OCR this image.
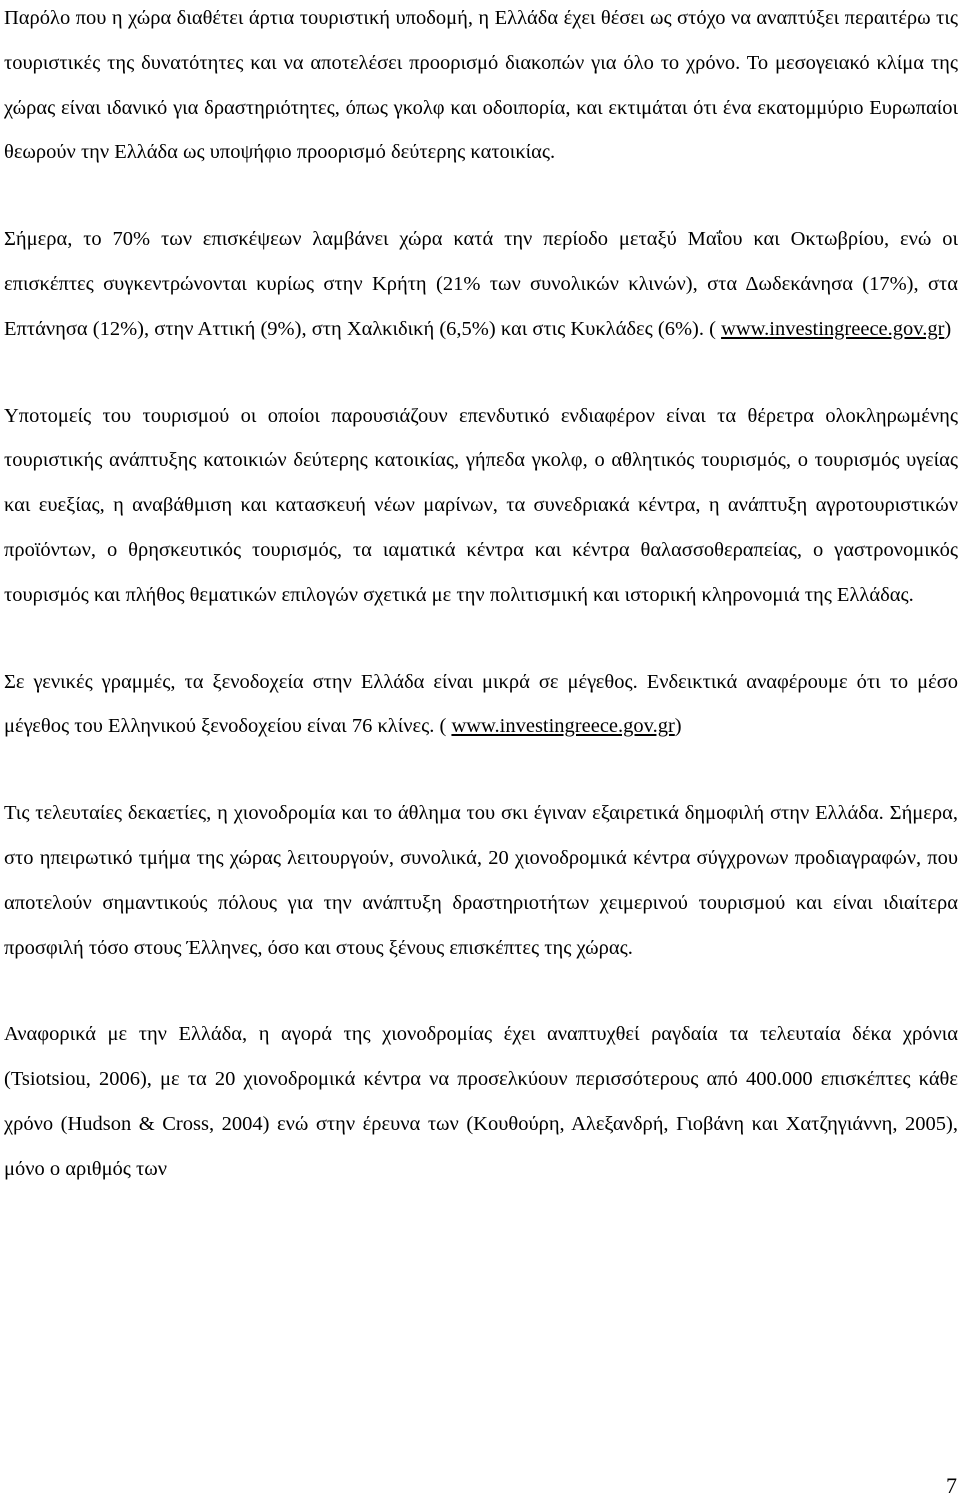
Παρόλο που η χώρα διαθέτει άρτια τουριστική υποδομή, η Ελλάδα έχει θέσει ως στόχο να αναπτύξει περαιτέρω τις τουριστικές της δυνατότητες και να αποτελέσει προορισμό διακοπών για όλο το χρόνο. Το μεσογειακό κλίμα της χώρας είναι ιδανικό για δραστηριότητες, όπως γκολφ και οδοιπορία, και εκτιμάται ότι ένα εκατομμύριο Ευρωπαίοι θεωρούν την Ελλάδα ως υποψήφιο προορισμό δεύτερης κατοικίας.

Σήμερα, το 70% των επισκέψεων λαμβάνει χώρα κατά την περίοδο μεταξύ Μαΐου και Οκτωβρίου, ενώ οι επισκέπτες συγκεντρώνονται κυρίως στην Κρήτη (21% των συνολικών κλινών), στα Δωδεκάνησα (17%), στα Επτάνησα (12%), στην Αττική (9%), στη Χαλκιδική (6,5%) και στις Κυκλάδες (6%). ( www.investingreece.gov.gr)

Υποτομείς του τουρισμού οι οποίοι παρουσιάζουν επενδυτικό ενδιαφέρον είναι τα θέρετρα ολοκληρωμένης τουριστικής ανάπτυξης κατοικιών δεύτερης κατοικίας, γήπεδα γκολφ, ο αθλητικός τουρισμός, ο τουρισμός υγείας και ευεξίας, η αναβάθμιση και κατασκευή νέων μαρίνων, τα συνεδριακά κέντρα, η ανάπτυξη αγροτουριστικών προϊόντων, ο θρησκευτικός τουρισμός, τα ιαματικά κέντρα και κέντρα θαλασσοθεραπείας, ο γαστρονομικός τουρισμός και πλήθος θεματικών επιλογών σχετικά με την πολιτισμική και ιστορική κληρονομιά της Ελλάδας.

Σε γενικές γραμμές, τα ξενοδοχεία στην Ελλάδα είναι μικρά σε μέγεθος. Ενδεικτικά αναφέρουμε ότι το μέσο μέγεθος του Ελληνικού ξενοδοχείου είναι 76 κλίνες. ( www.investingreece.gov.gr)

Τις τελευταίες δεκαετίες, η χιονοδρομία και το άθλημα του σκι έγιναν εξαιρετικά δημοφιλή στην Ελλάδα. Σήμερα, στο ηπειρωτικό τμήμα της χώρας λειτουργούν, συνολικά, 20 χιονοδρομικά κέντρα σύγχρονων προδιαγραφών, που αποτελούν σημαντικούς πόλους για την ανάπτυξη δραστηριοτήτων χειμερινού τουρισμού και είναι ιδιαίτερα προσφιλή τόσο στους Έλληνες, όσο και στους ξένους επισκέπτες της χώρας.

Αναφορικά με την Ελλάδα, η αγορά της χιονοδρομίας έχει αναπτυχθεί ραγδαία τα τελευταία δέκα χρόνια (Tsiotsiou, 2006), με τα 20 χιονοδρομικά κέντρα να προσελκύουν περισσότερους από 400.000 επισκέπτες κάθε χρόνο (Hudson & Cross, 2004) ενώ στην έρευνα των (Κουθούρη, Αλεξανδρή, Γιοβάνη και Χατζηγιάννη, 2005), μόνο ο αριθμός των

7
